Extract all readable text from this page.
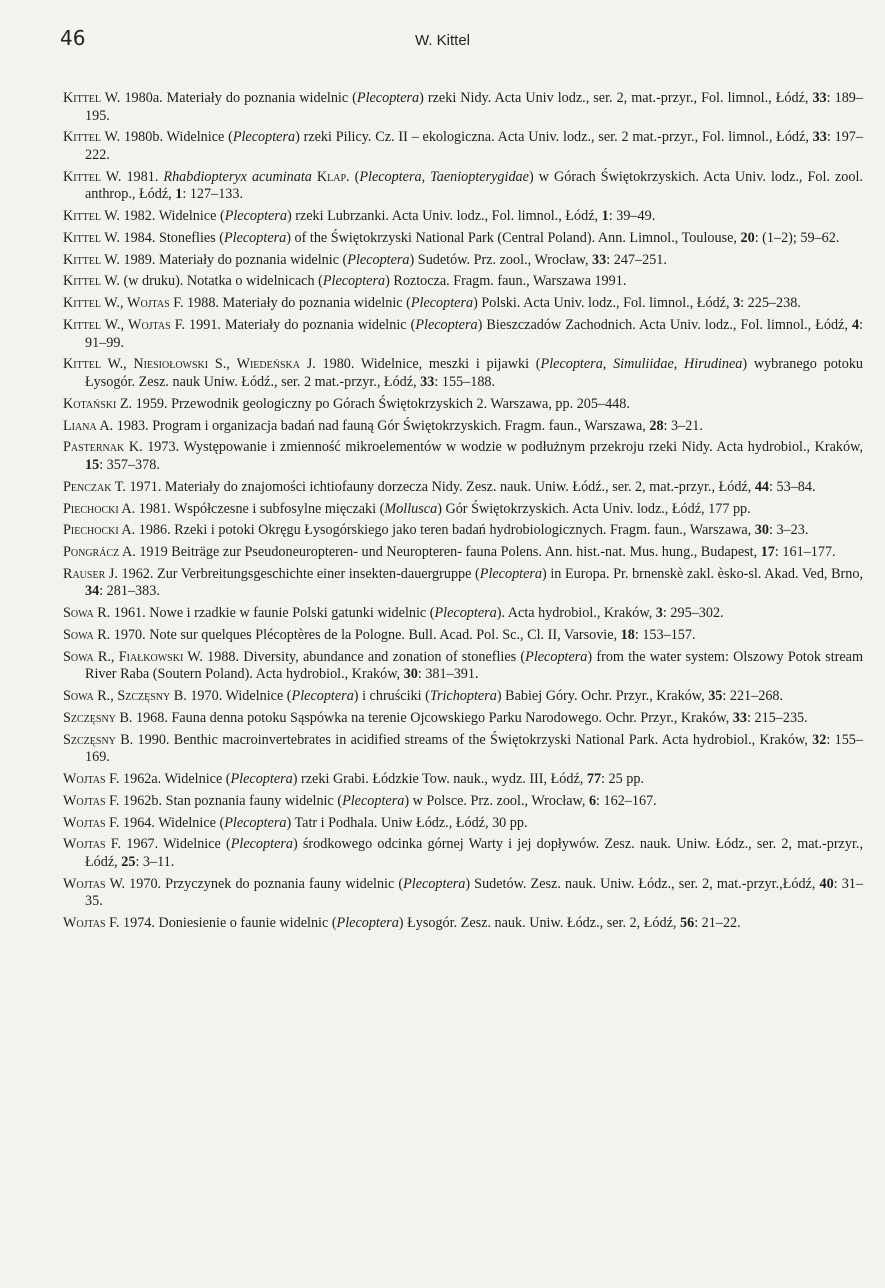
46	W. Kittel

Kittel W. 1980a. Materiały do poznania widelnic (Plecoptera) rzeki Nidy. Acta Univ lodz., ser. 2, mat.-przyr., Fol. limnol., Łódź, 33: 189–195.

Kittel W. 1980b. Widelnice (Plecoptera) rzeki Pilicy. Cz. II – ekologiczna. Acta Univ. lodz., ser. 2 mat.-przyr., Fol. limnol., Łódź, 33: 197–222.

Kittel W. 1981. Rhabdiopteryx acuminata Klap. (Plecoptera, Taeniopterygidae) w Górach Świętokrzyskich. Acta Univ. lodz., Fol. zool. anthrop., Łódź, 1: 127–133.

Kittel W. 1982. Widelnice (Plecoptera) rzeki Lubrzanki. Acta Univ. lodz., Fol. limnol., Łódź, 1: 39–49.

Kittel W. 1984. Stoneflies (Plecoptera) of the Świętokrzyski National Park (Central Poland). Ann. Limnol., Toulouse, 20: (1–2); 59–62.

Kittel W. 1989. Materiały do poznania widelnic (Plecoptera) Sudetów. Prz. zool., Wrocław, 33: 247–251.

Kittel W. (w druku). Notatka o widelnicach (Plecoptera) Roztocza. Fragm. faun., Warszawa 1991.

Kittel W., Wojtas F. 1988. Materiały do poznania widelnic (Plecoptera) Polski. Acta Univ. lodz., Fol. limnol., Łódź, 3: 225–238.

Kittel W., Wojtas F. 1991. Materiały do poznania widelnic (Plecoptera) Bieszczadów Zachodnich. Acta Univ. lodz., Fol. limnol., Łódź, 4: 91–99.

Kittel W., Niesiołowski S., Wiedeńska J. 1980. Widelnice, meszki i pijawki (Plecoptera, Simuliidae, Hirudinea) wybranego potoku Łysogór. Zesz. nauk Uniw. Łódź., ser. 2 mat.-przyr., Łódź, 33: 155–188.

Kotański Z. 1959. Przewodnik geologiczny po Górach Świętokrzyskich 2. Warszawa, pp. 205–448.

Liana A. 1983. Program i organizacja badań nad fauną Gór Świętokrzyskich. Fragm. faun., Warszawa, 28: 3–21.

Pasternak K. 1973. Występowanie i zmienność mikroelementów w wodzie w podłużnym przekroju rzeki Nidy. Acta hydrobiol., Kraków, 15: 357–378.

Penczak T. 1971. Materiały do znajomości ichtiofauny dorzecza Nidy. Zesz. nauk. Uniw. Łódź., ser. 2, mat.-przyr., Łódź, 44: 53–84.

Piechocki A. 1981. Współczesne i subfosylne mięczaki (Mollusca) Gór Świętokrzyskich. Acta Univ. lodz., Łódź, 177 pp.

Piechocki A. 1986. Rzeki i potoki Okręgu Łysogórskiego jako teren badań hydrobiologicznych. Fragm. faun., Warszawa, 30: 3–23.

Pongrácz A. 1919 Beiträge zur Pseudoneuropteren- und Neuropteren- fauna Polens. Ann. hist.-nat. Mus. hung., Budapest, 17: 161–177.

Rauser J. 1962. Zur Verbreitungsgeschichte einer insekten-dauergruppe (Plecoptera) in Europa. Pr. brnenskè zakl. èsko-sl. Akad. Ved, Brno, 34: 281–383.

Sowa R. 1961. Nowe i rzadkie w faunie Polski gatunki widelnic (Plecoptera). Acta hydrobiol., Kraków, 3: 295–302.

Sowa R. 1970. Note sur quelques Plécoptères de la Pologne. Bull. Acad. Pol. Sc., Cl. II, Varsovie, 18: 153–157.

Sowa R., Fiałkowski W. 1988. Diversity, abundance and zonation of stoneflies (Plecoptera) from the water system: Olszowy Potok stream River Raba (Soutern Poland). Acta hydrobiol., Kraków, 30: 381–391.

Sowa R., Szczęsny B. 1970. Widelnice (Plecoptera) i chruściki (Trichoptera) Babiej Góry. Ochr. Przyr., Kraków, 35: 221–268.

Szczęsny B. 1968. Fauna denna potoku Sąspówka na terenie Ojcowskiego Parku Narodowego. Ochr. Przyr., Kraków, 33: 215–235.

Szczęsny B. 1990. Benthic macroinvertebrates in acidified streams of the Świętokrzyski National Park. Acta hydrobiol., Kraków, 32: 155–169.

Wojtas F. 1962a. Widelnice (Plecoptera) rzeki Grabi. Łódzkie Tow. nauk., wydz. III, Łódź, 77: 25 pp.

Wojtas F. 1962b. Stan poznania fauny widelnic (Plecoptera) w Polsce. Prz. zool., Wrocław, 6: 162–167.

Wojtas F. 1964. Widelnice (Plecoptera) Tatr i Podhala. Uniw Łódz., Łódź, 30 pp.

Wojtas F. 1967. Widelnice (Plecoptera) środkowego odcinka górnej Warty i jej dopływów. Zesz. nauk. Uniw. Łódz., ser. 2, mat.-przyr., Łódź, 25: 3–11.

Wojtas W. 1970. Przyczynek do poznania fauny widelnic (Plecoptera) Sudetów. Zesz. nauk. Uniw. Łódz., ser. 2, mat.-przyr.,Łódź, 40: 31–35.

Wojtas F. 1974. Doniesienie o faunie widelnic (Plecoptera) Łysogór. Zesz. nauk. Uniw. Łódz., ser. 2, Łódź, 56: 21–22.
